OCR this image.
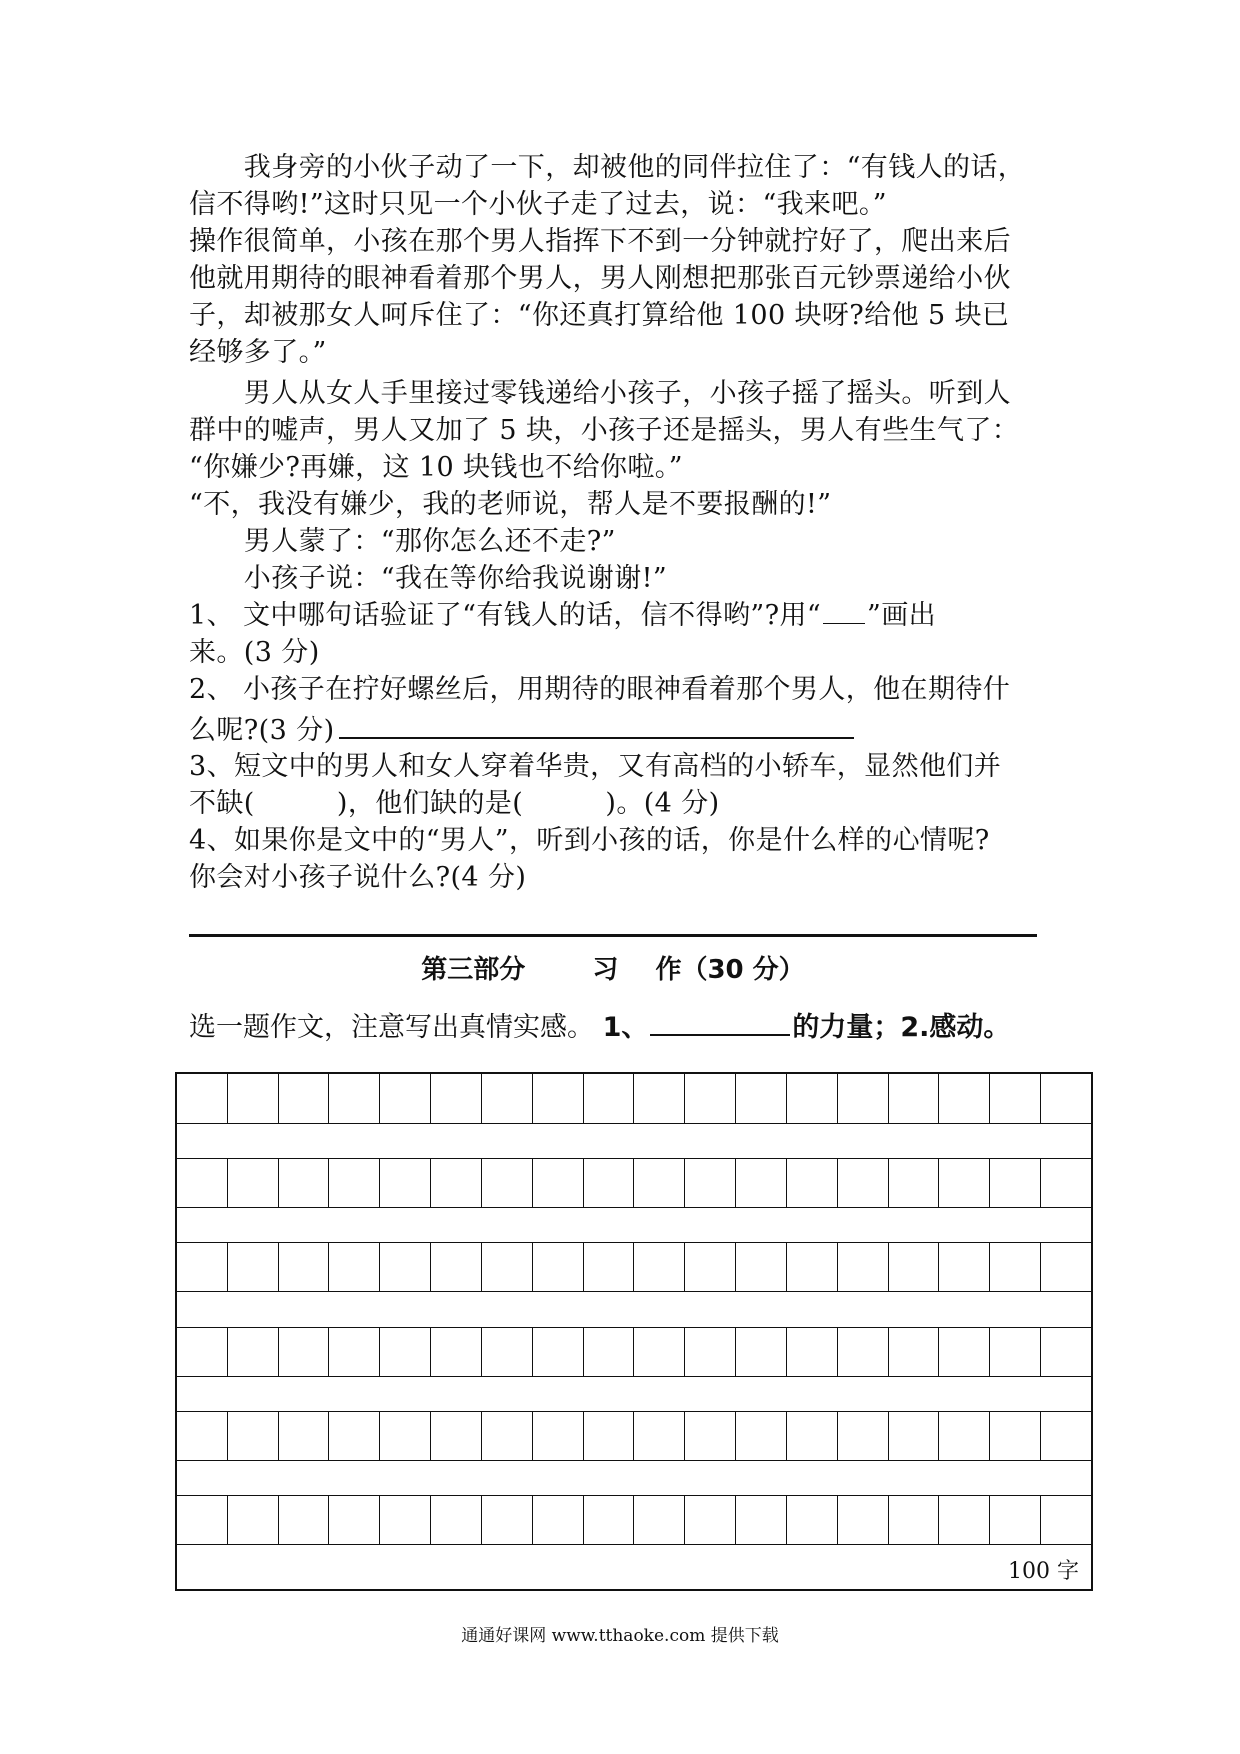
　　我身旁的小伙子动了一下，却被他的同伴拉住了：“有钱人的话，
信不得哟!”这时只见一个小伙子走了过去，说：“我来吧。”
操作很简单，小孩在那个男人指挥下不到一分钟就拧好了，爬出来后
他就用期待的眼神看着那个男人，男人刚想把那张百元钞票递给小伙
子，却被那女人呵斥住了：“你还真打算给他 100 块呀?给他 5 块已
经够多了。”
　　男人从女人手里接过零钱递给小孩子，小孩子摇了摇头。听到人
群中的嘘声，男人又加了 5 块，小孩子还是摇头，男人有些生气了：
“你嫌少?再嫌，这 10 块钱也不给你啦。”
“不，我没有嫌少，我的老师说，帮人是不要报酬的!”
　　男人蒙了：“那你怎么还不走?”
　　小孩子说：“我在等你给我说谢谢!”
1、 文中哪句话验证了“有钱人的话，信不得哟”?用“ ”画出
来。(3 分)
2、 小孩子在拧好螺丝后，用期待的眼神看着那个男人，他在期待什
么呢?(3 分)
3、短文中的男人和女人穿着华贵，又有高档的小轿车，显然他们并
不缺(　　　)，他们缺的是(　　　)。(4 分)
4、如果你是文中的“男人”，听到小孩的话，你是什么样的心情呢?
你会对小孩子说什么?(4 分)
第三部分	习 作（30 分）
选一题作文，注意写出真情实感。 1、	的力量；2.感动。
100 字
通通好课网 www.tthaoke.com 提供下载
